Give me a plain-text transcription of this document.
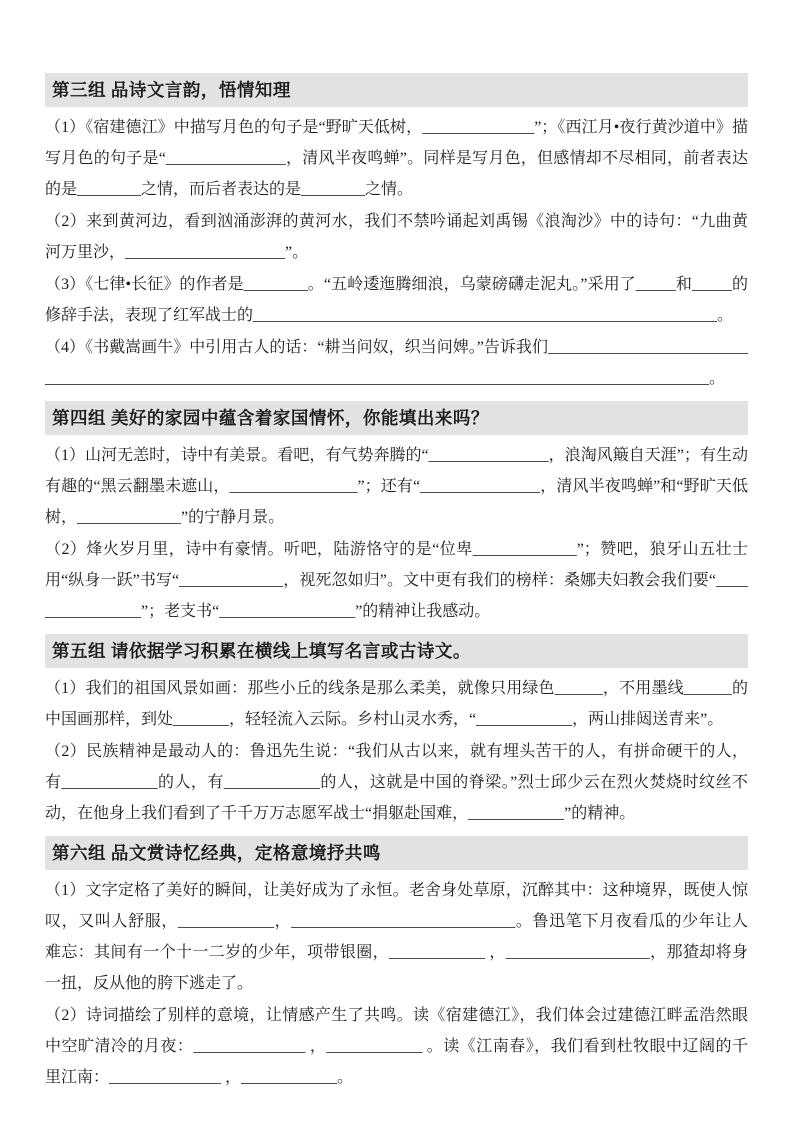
第三组 品诗文言韵，悟情知理

（1）《宿建德江》中描写月色的句子是“野旷天低树，______________”；《西江月•夜行黄沙道中》描写月色的句子是“_______________，清风半夜鸣蝉”。同样是写月色，但感情却不尽相同，前者表达的是________之情，而后者表达的是________之情。

（2）来到黄河边，看到汹涌澎湃的黄河水，我们不禁吟诵起刘禹锡《浪淘沙》中的诗句：“九曲黄河万里沙，____________________”。

（3）《七律•长征》的作者是________。“五岭逶迤腾细浪，乌蒙磅礴走泥丸。”采用了_____和_____的修辞手法，表现了红军战士的__________________________________________________________。

（4）《书戴嵩画牛》中引用古人的话：“耕当问奴，织当问婢。”告诉我们____________________________________________________________________________________________________________。

第四组 美好的家园中蕴含着家国情怀，你能填出来吗？

（1）山河无恙时，诗中有美景。看吧，有气势奔腾的“_______________，浪淘风簸自天涯”；有生动有趣的“黑云翻墨未遮山，________________”；还有“_______________，清风半夜鸣蝉”和“野旷天低树，_____________”的宁静月景。

（2）烽火岁月里，诗中有豪情。听吧，陆游恪守的是“位卑_____________”；赞吧，狼牙山五壮士用“纵身一跃”书写“_____________，视死忽如归”。文中更有我们的榜样：桑娜夫妇教会我们要“________________”；老支书“_________________”的精神让我感动。

第五组 请依据学习积累在横线上填写名言或古诗文。

（1）我们的祖国风景如画：那些小丘的线条是那么柔美，就像只用绿色______，不用墨线______的中国画那样，到处_______，轻轻流入云际。乡村山灵水秀，“____________，两山排闼送青来”。

（2）民族精神是最动人的：鲁迅先生说：“我们从古以来，就有埋头苦干的人，有拼命硬干的人，有____________的人，有____________的人，这就是中国的脊梁。”烈士邱少云在烈火焚烧时纹丝不动，在他身上我们看到了千千万万志愿军战士“捐躯赴国难，____________”的精神。

第六组 品文赏诗忆经典，定格意境抒共鸣

（1）文字定格了美好的瞬间，让美好成为了永恒。老舍身处草原，沉醉其中：这种境界，既使人惊叹，又叫人舒服，____________，____________________________。鲁迅笔下月夜看瓜的少年让人难忘：其间有一个十一二岁的少年，项带银圈，____________ ，__________________，那猹却将身一扭，反从他的胯下逃走了。

（2）诗词描绘了别样的意境，让情感产生了共鸣。读《宿建德江》，我们体会过建德江畔孟浩然眼中空旷清冷的月夜：______________ ，____________ 。读《江南春》，我们看到杜牧眼中辽阔的千里江南：______________ ，____________。
